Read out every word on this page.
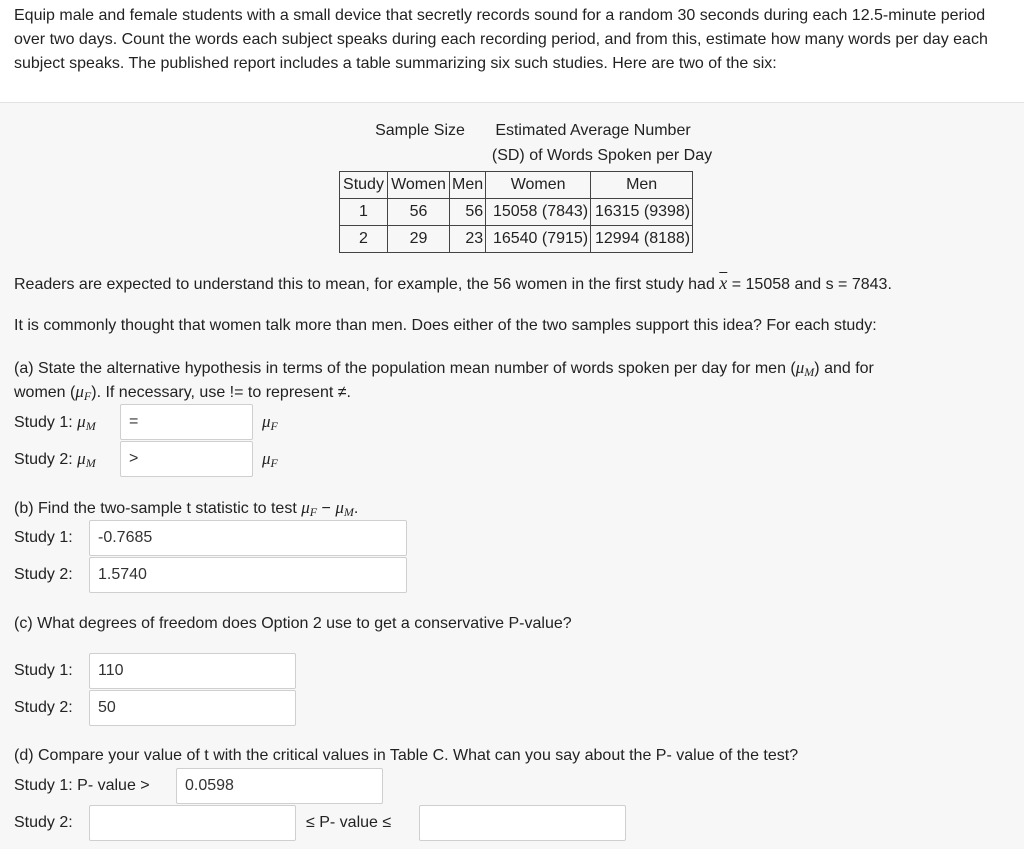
Equip male and female students with a small device that secretly records sound for a random 30 seconds during each 12.5-minute period over two days. Count the words each subject speaks during each recording period, and from this, estimate how many words per day each subject speaks. The published report includes a table summarizing six such studies. Here are two of the six:
Sample Size	Estimated Average Number
(SD) of Words Spoken per Day
Study	Women	Men	Women	Men
1	56	56	15058 (7843)	16315 (9398)
2	29	23	16540 (7915)	12994 (8188)
Readers are expected to understand this to mean, for example, the 56 women in the first study had $\overline{x} = 15058$ and s = 7843.
It is commonly thought that women talk more than men. Does either of the two samples support this idea? For each study:
(a) State the alternative hypothesis in terms of the population mean number of words spoken per day for men $(\mu_M)$ and for
women $(\mu_F)$. If necessary, use != to represent ≠.
Study 1: $\mu_M$	=	$\mu_F$
Study 2: $\mu_M$	>	$\mu_F$
(b) Find the two-sample t statistic to test $\mu_F - \mu_M$.
Study 1:	-0.7685
Study 2:	1.5740
(c) What degrees of freedom does Option 2 use to get a conservative P-value?
Study 1:	110
Study 2:	50
(d) Compare your value of t with the critical values in Table C. What can you say about the P- value of the test?
Study 1: P- value >	0.0598
Study 2:	≤ P- value ≤
